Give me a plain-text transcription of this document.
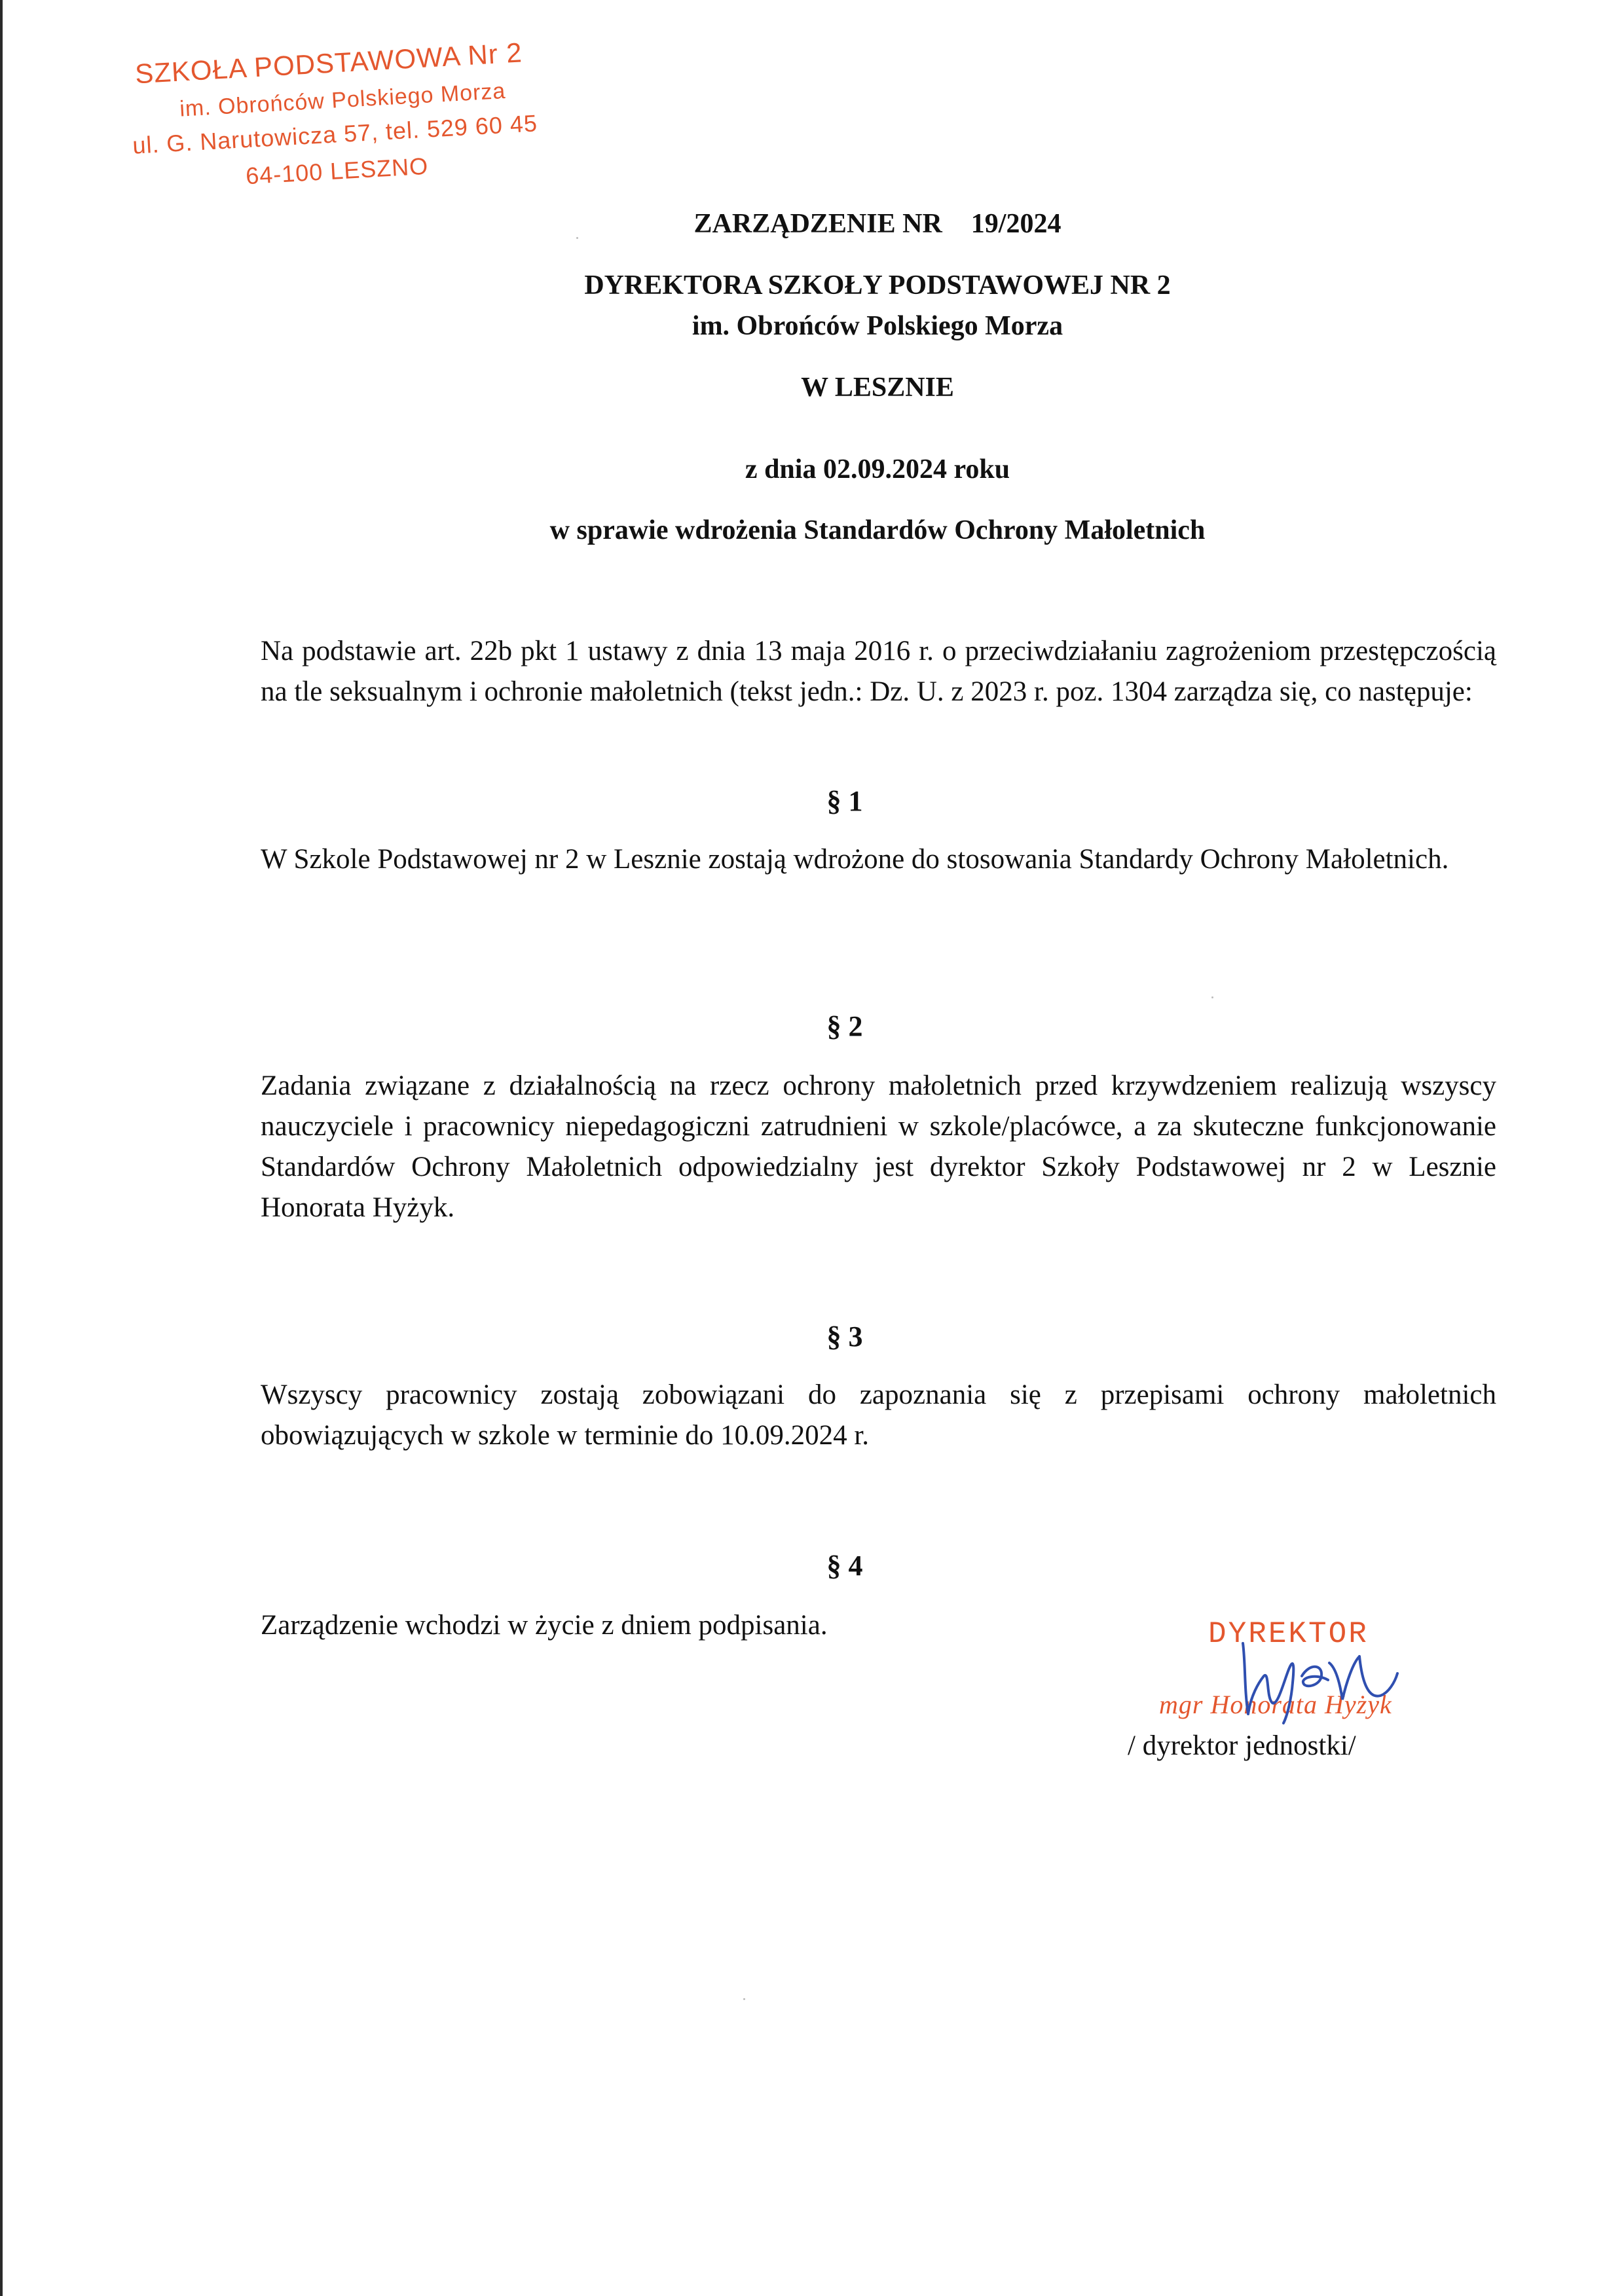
SZKOŁA PODSTAWOWA Nr 2
im. Obrońców Polskiego Morza
ul. G. Narutowicza 57, tel. 529 60 45
64-100 LESZNO
ZARZĄDZENIE NR 19/2024
DYREKTORA SZKOŁY PODSTAWOWEJ NR 2
im. Obrońców Polskiego Morza
W LESZNIE
z dnia 02.09.2024 roku
w sprawie wdrożenia Standardów Ochrony Małoletnich
Na podstawie art. 22b pkt 1 ustawy z dnia 13 maja 2016 r. o przeciwdziałaniu zagrożeniom przestępczością na tle seksualnym i ochronie małoletnich (tekst jedn.: Dz. U. z 2023 r. poz. 1304 zarządza się, co następuje:
§ 1
W Szkole Podstawowej nr 2 w Lesznie zostają wdrożone do stosowania Standardy Ochrony Małoletnich.
§ 2
Zadania związane z działalnością na rzecz ochrony małoletnich przed krzywdzeniem realizują wszyscy nauczyciele i pracownicy niepedagogiczni zatrudnieni w szkole/placówce, a za skuteczne funkcjonowanie Standardów Ochrony Małoletnich odpowiedzialny jest dyrektor Szkoły Podstawowej nr 2 w Lesznie Honorata Hyżyk.
§ 3
Wszyscy pracownicy zostają zobowiązani do zapoznania się z przepisami ochrony małoletnich obowiązujących w szkole w terminie do 10.09.2024 r.
§ 4
Zarządzenie wchodzi w życie z dniem podpisania.	DYREKTOR
mgr Honorata Hyżyk
/ dyrektor jednostki/
